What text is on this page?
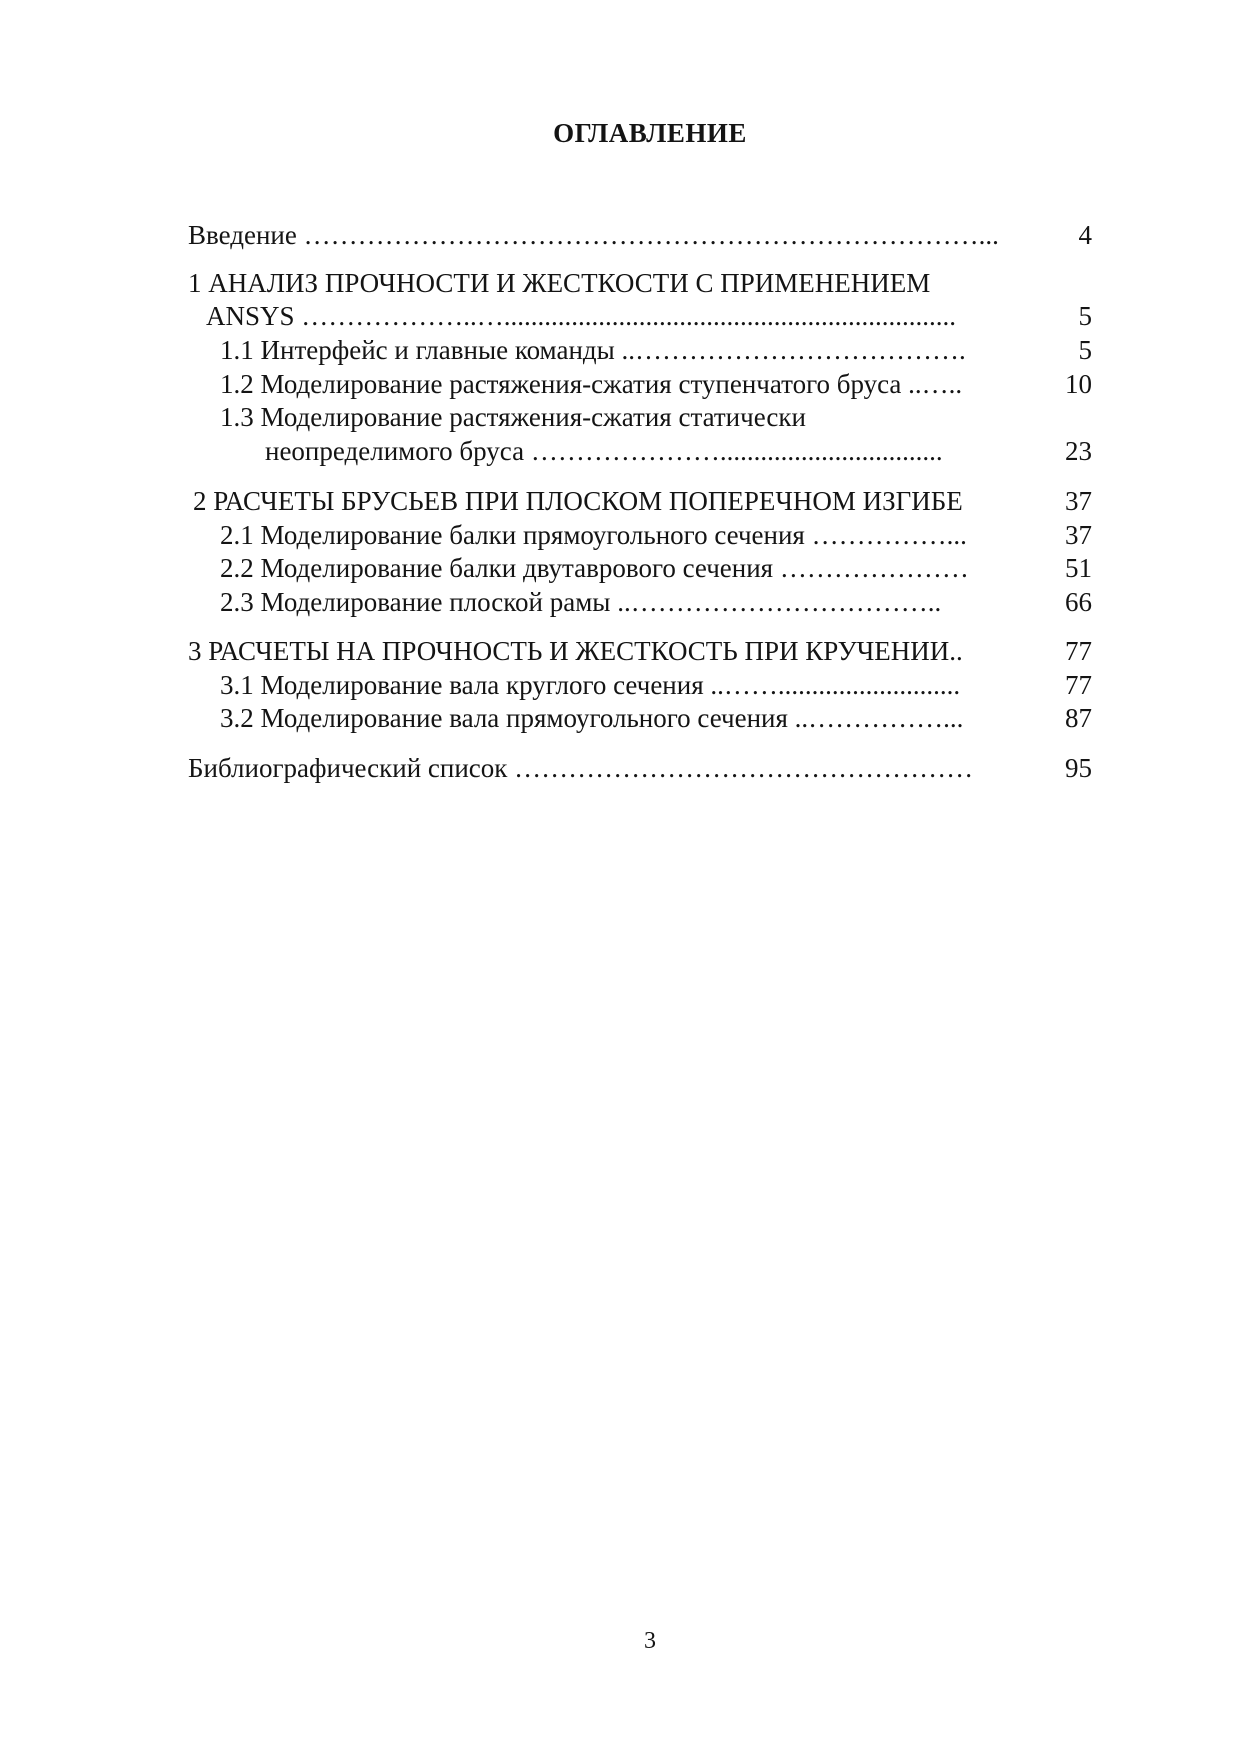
ОГЛАВЛЕНИЕ
Введение …………………………………………………………………...	4
1 АНАЛИЗ ПРОЧНОСТИ И ЖЕСТКОСТИ С ПРИМЕНЕНИЕМ
ANSYS ………………..…...................................................................	5
1.1 Интерфейс и главные команды ..……………………………….	5
1.2 Моделирование растяжения-сжатия ступенчатого бруса ..…..	10
1.3 Моделирование растяжения-сжатия статически
неопределимого бруса ………………….................................	23
2 РАСЧЕТЫ БРУСЬЕВ ПРИ ПЛОСКОМ ПОПЕРЕЧНОМ ИЗГИБЕ	37
2.1 Моделирование балки прямоугольного сечения ……………...	37
2.2 Моделирование балки двутаврового сечения …………………	51
2.3 Моделирование плоской рамы ..……………………………..	66
3 РАСЧЕТЫ НА ПРОЧНОСТЬ И ЖЕСТКОСТЬ ПРИ КРУЧЕНИИ..	77
3.1 Моделирование вала круглого сечения ..……...........................	77
3.2 Моделирование вала прямоугольного сечения ..……………...	87
Библиографический список ……………………………………………	95
3
